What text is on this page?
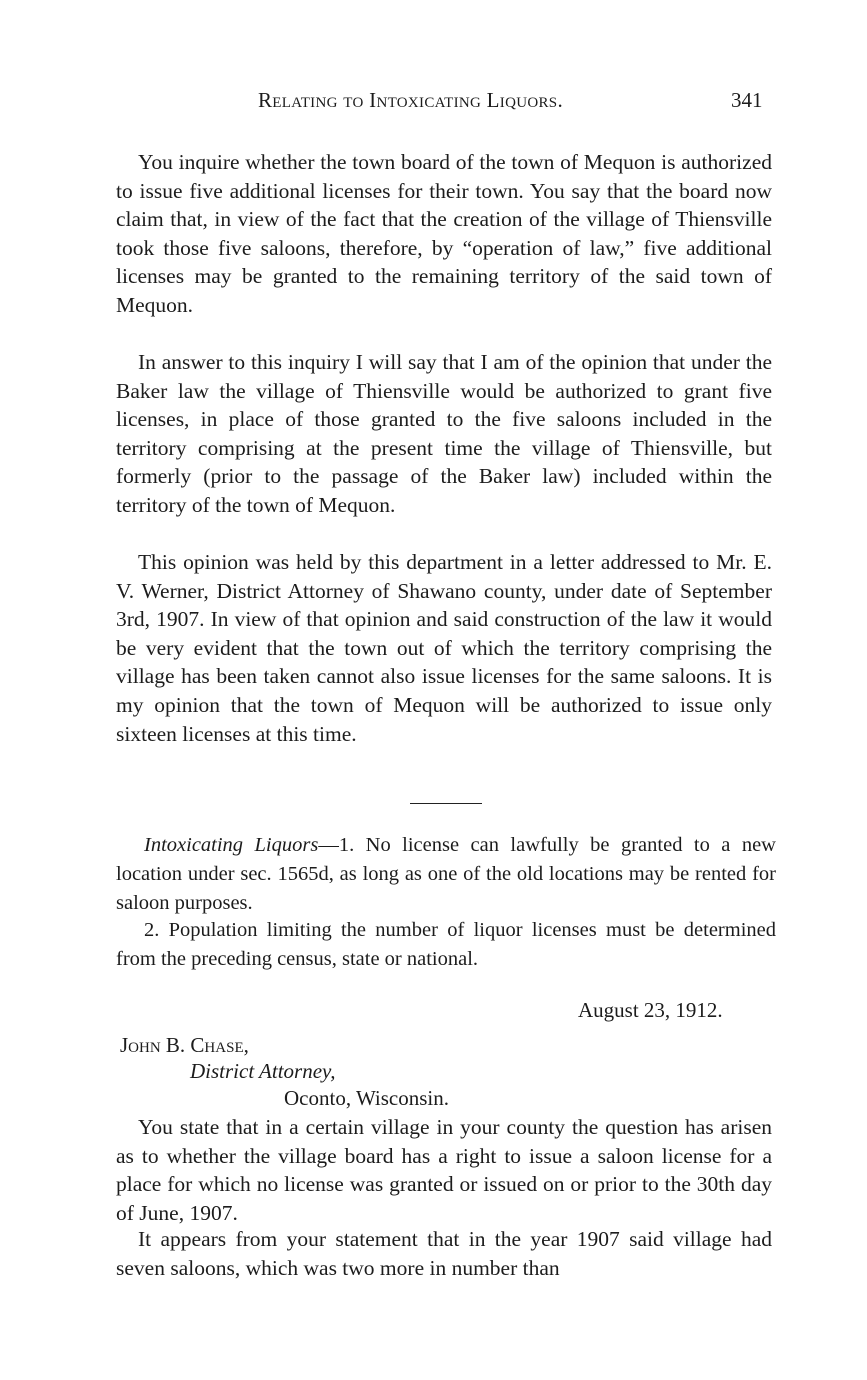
Relating to Intoxicating Liquors.	341

You inquire whether the town board of the town of Mequon is authorized to issue five additional licenses for their town. You say that the board now claim that, in view of the fact that the creation of the village of Thiensville took those five saloons, therefore, by “operation of law,” five additional licenses may be granted to the remaining territory of the said town of Mequon.

In answer to this inquiry I will say that I am of the opinion that under the Baker law the village of Thiensville would be authorized to grant five licenses, in place of those granted to the five saloons included in the territory comprising at the present time the village of Thiensville, but formerly (prior to the passage of the Baker law) included within the territory of the town of Mequon.

This opinion was held by this department in a letter addressed to Mr. E. V. Werner, District Attorney of Shawano county, under date of September 3rd, 1907. In view of that opinion and said construction of the law it would be very evident that the town out of which the territory comprising the village has been taken cannot also issue licenses for the same saloons. It is my opinion that the town of Mequon will be authorized to issue only sixteen licenses at this time.

Intoxicating Liquors—1. No license can lawfully be granted to a new location under sec. 1565d, as long as one of the old locations may be rented for saloon purposes.

2. Population limiting the number of liquor licenses must be determined from the preceding census, state or national.

August 23, 1912.
John B. Chase,
District Attorney,
Oconto, Wisconsin.

You state that in a certain village in your county the question has arisen as to whether the village board has a right to issue a saloon license for a place for which no license was granted or issued on or prior to the 30th day of June, 1907.

It appears from your statement that in the year 1907 said village had seven saloons, which was two more in number than
